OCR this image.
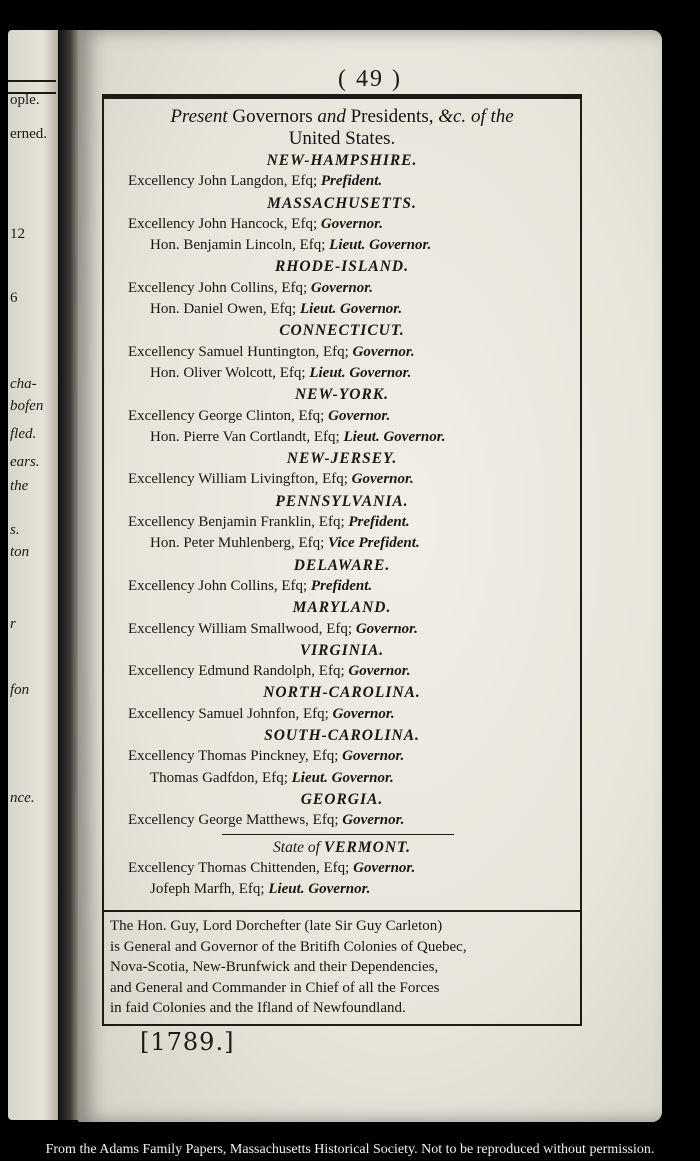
ople.
erned.
12
6
cha-
bofen
fled.
ears.
the
s.
ton
r
fon
nce.
( 49 )
Present Governors and Presidents, &c. of the
United States.
NEW-HAMPSHIRE.
Excellency John Langdon, Efq; Prefident.
MASSACHUSETTS.
Excellency John Hancock, Efq; Governor.
Hon. Benjamin Lincoln, Efq; Lieut. Governor.
RHODE-ISLAND.
Excellency John Collins, Efq; Governor.
Hon. Daniel Owen, Efq; Lieut. Governor.
CONNECTICUT.
Excellency Samuel Huntington, Efq; Governor.
Hon. Oliver Wolcott, Efq; Lieut. Governor.
NEW-YORK.
Excellency George Clinton, Efq; Governor.
Hon. Pierre Van Cortlandt, Efq; Lieut. Governor.
NEW-JERSEY.
Excellency William Livingfton, Efq; Governor.
PENNSYLVANIA.
Excellency Benjamin Franklin, Efq; Prefident.
Hon. Peter Muhlenberg, Efq; Vice Prefident.
DELAWARE.
Excellency John Collins, Efq; Prefident.
MARYLAND.
Excellency William Smallwood, Efq; Governor.
VIRGINIA.
Excellency Edmund Randolph, Efq; Governor.
NORTH-CAROLINA.
Excellency Samuel Johnfon, Efq; Governor.
SOUTH-CAROLINA.
Excellency Thomas Pinckney, Efq; Governor.
Thomas Gadfdon, Efq; Lieut. Governor.
GEORGIA.
Excellency George Matthews, Efq; Governor.
State of VERMONT.
Excellency Thomas Chittenden, Efq; Governor.
Jofeph Marfh, Efq; Lieut. Governor.
The Hon. Guy, Lord Dorchefter (late Sir Guy Carleton)
is General and Governor of the Britifh Colonies of Quebec,
Nova-Scotia, New-Brunfwick and their Dependencies,
and General and Commander in Chief of all the Forces
in faid Colonies and the Ifland of Newfoundland.
[1789.]
From the Adams Family Papers, Massachusetts Historical Society. Not to be reproduced without permission.
